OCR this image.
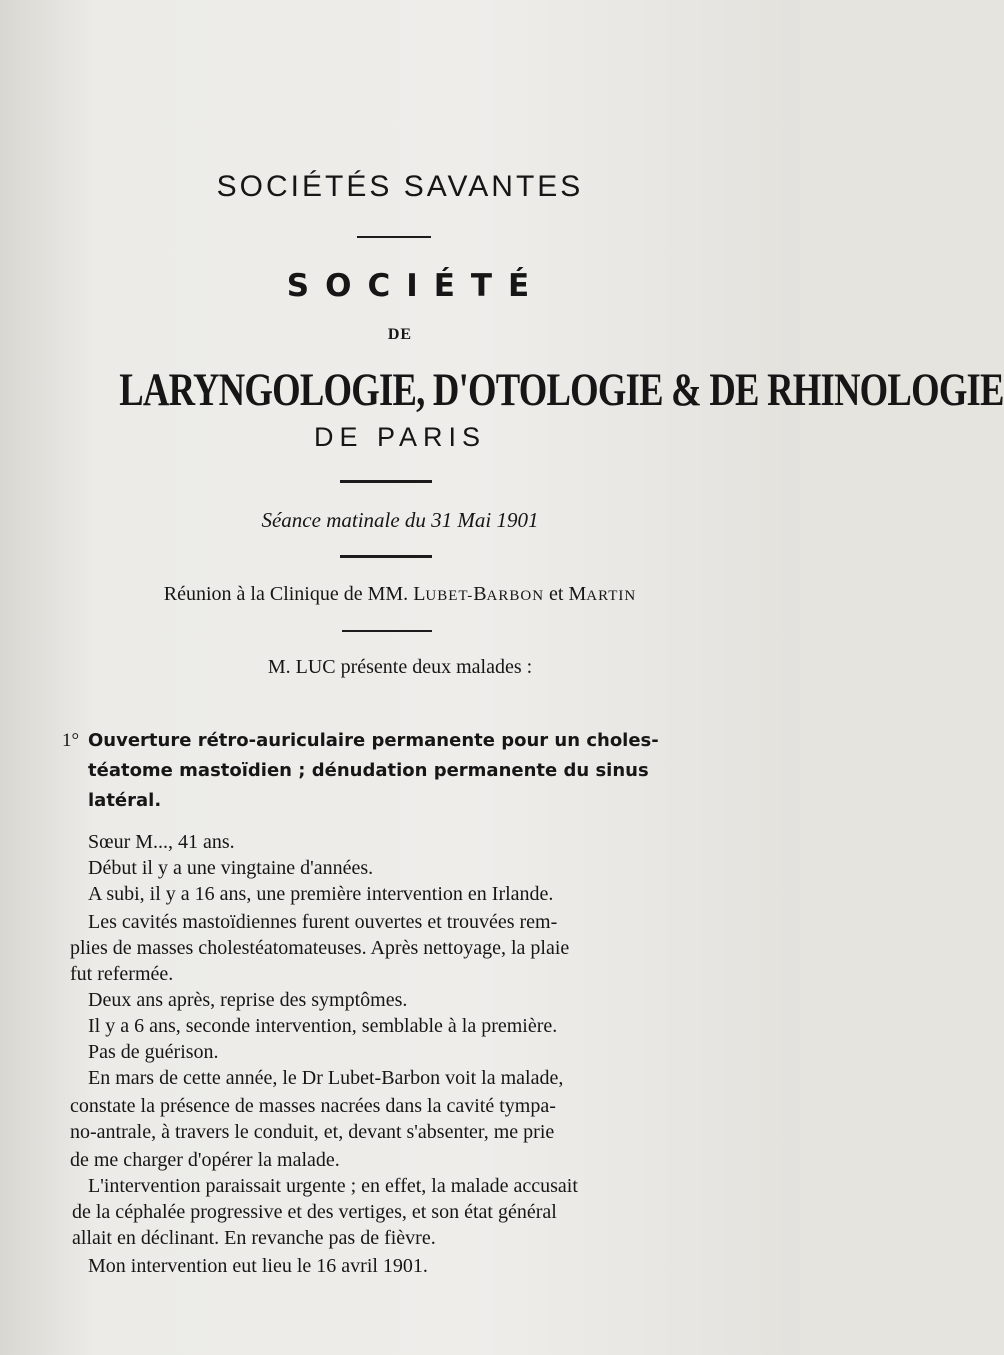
SOCIÉTÉS SAVANTES
SOCIÉTÉ
DE
LARYNGOLOGIE, D'OTOLOGIE & DE RHINOLOGIE
DE PARIS
Séance matinale du 31 Mai 1901
Réunion à la Clinique de MM. LUBET-BARBON et MARTIN
M. LUC présente deux malades :
1° Ouverture rétro-auriculaire permanente pour un choles-
téatome mastoïdien ; dénudation permanente du sinus
latéral.
Sœur M..., 41 ans.
Début il y a une vingtaine d'années.
A subi, il y a 16 ans, une première intervention en Irlande.
Les cavités mastoïdiennes furent ouvertes et trouvées rem-
plies de masses cholestéatomateuses. Après nettoyage, la plaie
fut refermée.
Deux ans après, reprise des symptômes.
Il y a 6 ans, seconde intervention, semblable à la première.
Pas de guérison.
En mars de cette année, le Dr Lubet-Barbon voit la malade,
constate la présence de masses nacrées dans la cavité tympa-
no-antrale, à travers le conduit, et, devant s'absenter, me prie
de me charger d'opérer la malade.
L'intervention paraissait urgente ; en effet, la malade accusait
de la céphalée progressive et des vertiges, et son état général
allait en déclinant. En revanche pas de fièvre.
Mon intervention eut lieu le 16 avril 1901.
